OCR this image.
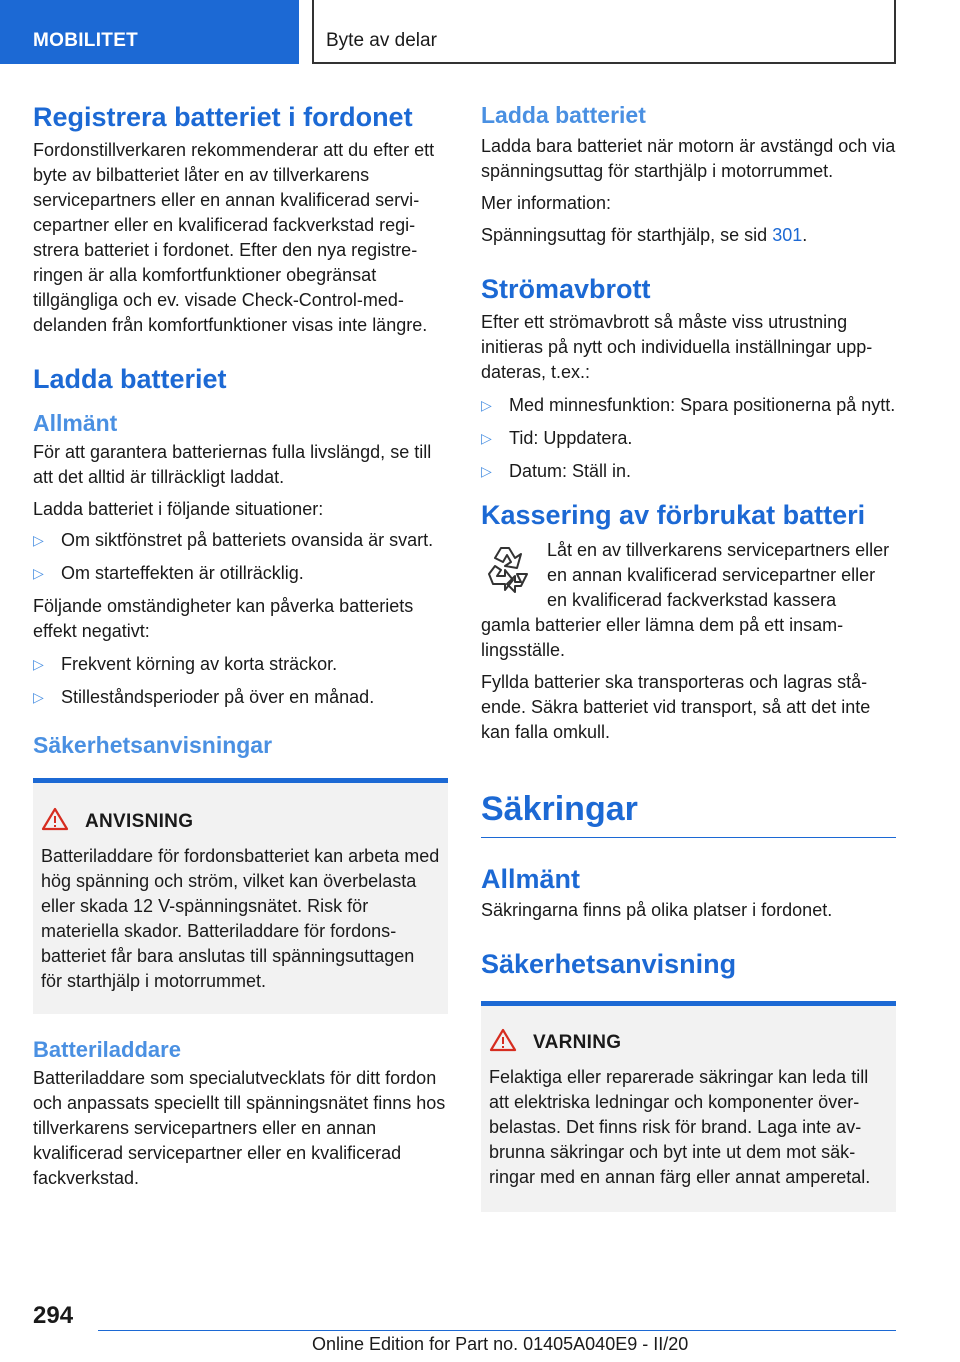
MOBILITET	Byte av delar
Registrera batteriet i fordonet

Fordonstillverkaren rekommenderar att du efter ett byte av bilbatteriet låter en av tillverkarens servicepartners eller en annan kvalificerad servicepartner eller en kvalificerad fackverkstad registrera batteriet i fordonet. Efter den nya registreringen är alla komfortfunktioner obegränsat tillgängliga och ev. visade Check-Control-meddelanden från komfortfunktioner visas inte längre.

Ladda batteriet
Allmänt

För att garantera batteriernas fulla livslängd, se till att det alltid är tillräckligt laddat.

Ladda batteriet i följande situationer:

▷ Om siktfönstret på batteriets ovansida är svart.
▷ Om starteffekten är otillräcklig.

Följande omständigheter kan påverka batteriets effekt negativt:

▷ Frekvent körning av korta sträckor.
▷ Stilleståndsperioder på över en månad.
Säkerhetsanvisningar
ANVISNING

Batteriladdare för fordonsbatteriet kan arbeta med hög spänning och ström, vilket kan överbelasta eller skada 12 V-spänningsnätet. Risk för materiella skador. Batteriladdare för fordonsbatteriet får bara anslutas till spänningsuttagen för starthjälp i motorrummet.

Batteriladdare

Batteriladdare som specialutvecklats för ditt fordon och anpassats speciellt till spänningsnätet finns hos tillverkarens servicepartners eller en annan kvalificerad servicepartner eller en kvalificerad fackverkstad.

Ladda batteriet

Ladda bara batteriet när motorn är avstängd och via spänningsuttag för starthjälp i motorrummet.

Mer information:

Spänningsuttag för starthjälp, se sid 301.

Strömavbrott

Efter ett strömavbrott så måste viss utrustning initieras på nytt och individuella inställningar uppdateras, t.ex.:

▷ Med minnesfunktion: Spara positionerna på nytt.
▷ Tid: Uppdatera.
▷ Datum: Ställ in.
Kassering av förbrukat batteri

Låt en av tillverkarens servicepartners eller en annan kvalificerad servicepartner eller en kvalificerad fackverkstad kassera

gamla batterier eller lämna dem på ett insamlingsställe.

Fyllda batterier ska transporteras och lagras stående. Säkra batteriet vid transport, så att det inte kan falla omkull.

Säkringar
Allmänt

Säkringarna finns på olika platser i fordonet.

Säkerhetsanvisning
VARNING

Felaktiga eller reparerade säkringar kan leda till att elektriska ledningar och komponenter överbelastas. Det finns risk för brand. Laga inte avbrunna säkringar och byt inte ut dem mot säkringar med en annan färg eller annat amperetal.

294
Online Edition for Part no. 01405A040E9 - II/20
